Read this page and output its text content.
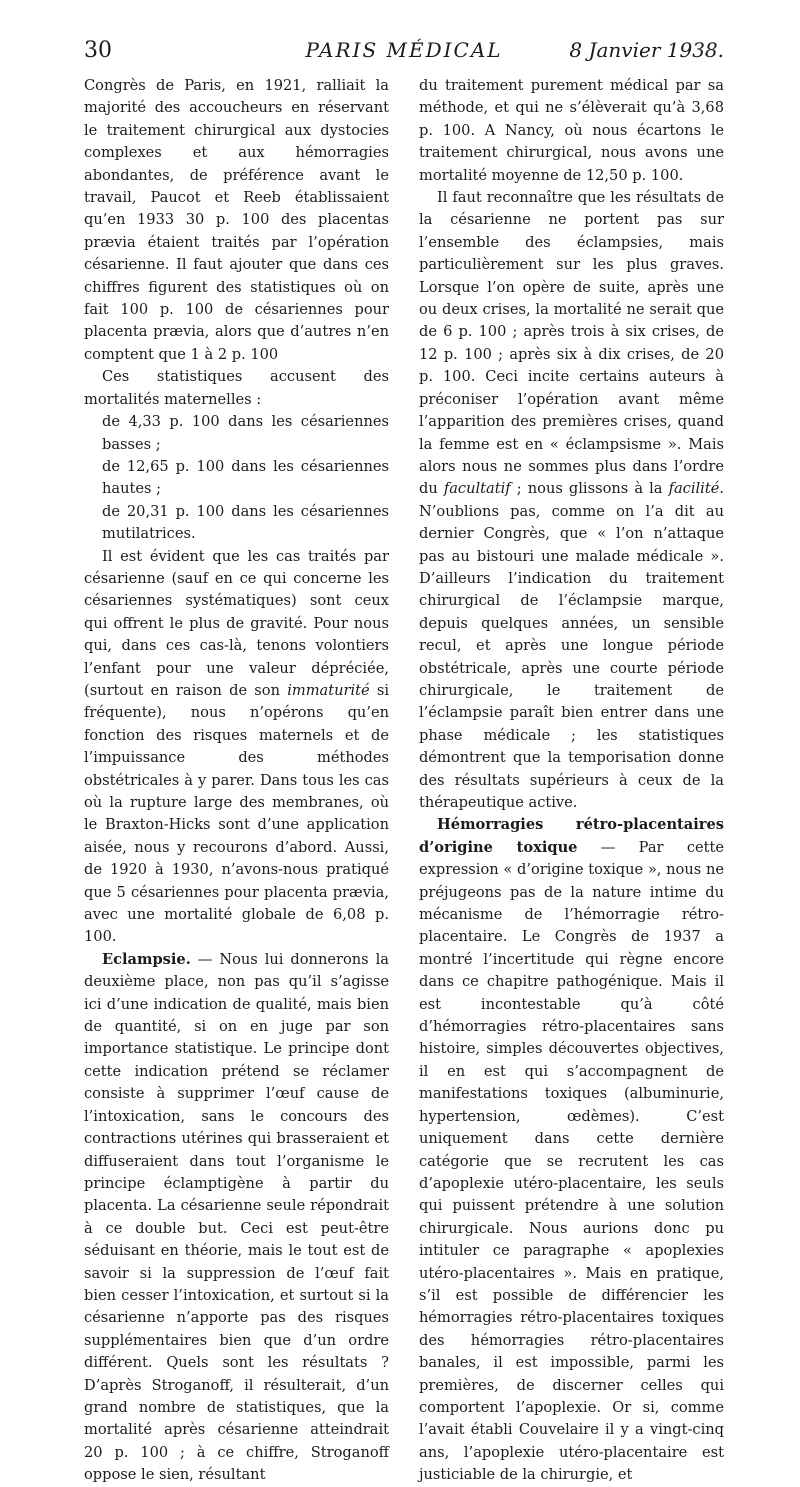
30	PARIS MÉDICAL	8 Janvier 1938.

Congrès de Paris, en 1921, ralliait la majorité des accoucheurs en réservant le traitement chirurgical aux dystocies complexes et aux hémorragies abondantes, de préférence avant le travail, Paucot et Reeb établissaient qu’en 1933 30 p. 100 des placentas prævia étaient traités par l’opération césarienne. Il faut ajouter que dans ces chiffres figurent des statistiques où on fait 100 p. 100 de césariennes pour placenta prævia, alors que d’autres n’en comptent que 1 à 2 p. 100

Ces statistiques accusent des mortalités maternelles :

de 4,33 p. 100 dans les césariennes basses ;

de 12,65 p. 100 dans les césariennes hautes ;

de 20,31 p. 100 dans les césariennes mutilatrices.

Il est évident que les cas traités par césarienne (sauf en ce qui concerne les césariennes systématiques) sont ceux qui offrent le plus de gravité. Pour nous qui, dans ces cas-là, tenons volontiers l’enfant pour une valeur dépréciée, (surtout en raison de son immaturité si fréquente), nous n’opérons qu’en fonction des risques maternels et de l’impuissance des méthodes obstétricales à y parer. Dans tous les cas où la rupture large des membranes, où le Braxton-Hicks sont d’une application aisée, nous y recourons d’abord. Aussi, de 1920 à 1930, n’avons-nous pratiqué que 5 césariennes pour placenta prævia, avec une mortalité globale de 6,08 p. 100.

Eclampsie. — Nous lui donnerons la deuxième place, non pas qu’il s’agisse ici d’une indication de qualité, mais bien de quantité, si on en juge par son importance statistique. Le principe dont cette indication prétend se réclamer consiste à supprimer l’œuf cause de l’intoxication, sans le concours des contractions utérines qui brasseraient et diffuseraient dans tout l’organisme le principe éclamptigène à partir du placenta. La césarienne seule répondrait à ce double but. Ceci est peut-être séduisant en théorie, mais le tout est de savoir si la suppression de l’œuf fait bien cesser l’intoxication, et surtout si la césarienne n’apporte pas des risques supplémentaires bien que d’un ordre différent. Quels sont les résultats ? D’après Stroganoff, il résulterait, d’un grand nombre de statistiques, que la mortalité après césarienne atteindrait 20 p. 100 ; à ce chiffre, Stroganoff oppose le sien, résultant

du traitement purement médical par sa méthode, et qui ne s’élèverait qu’à 3,68 p. 100. A Nancy, où nous écartons le traitement chirurgical, nous avons une mortalité moyenne de 12,50 p. 100.

Il faut reconnaître que les résultats de la césarienne ne portent pas sur l’ensemble des éclampsies, mais particulièrement sur les plus graves. Lorsque l’on opère de suite, après une ou deux crises, la mortalité ne serait que de 6 p. 100 ; après trois à six crises, de 12 p. 100 ; après six à dix crises, de 20 p. 100. Ceci incite certains auteurs à préconiser l’opération avant même l’apparition des premières crises, quand la femme est en « éclampsisme ». Mais alors nous ne sommes plus dans l’ordre du facultatif ; nous glissons à la facilité. N’oublions pas, comme on l’a dit au dernier Congrès, que « l’on n’attaque pas au bistouri une malade médicale ». D’ailleurs l’indication du traitement chirurgical de l’éclampsie marque, depuis quelques années, un sensible recul, et après une longue période obstétricale, après une courte période chirurgicale, le traitement de l’éclampsie paraît bien entrer dans une phase médicale ; les statistiques démontrent que la temporisation donne des résultats supérieurs à ceux de la thérapeutique active.

Hémorragies rétro-placentaires d’origine toxique — Par cette expression « d’origine toxique », nous ne préjugeons pas de la nature intime du mécanisme de l’hémorragie rétro-placentaire. Le Congrès de 1937 a montré l’incertitude qui règne encore dans ce chapitre pathogénique. Mais il est incontestable qu’à côté d’hémorragies rétro-placentaires sans histoire, simples découvertes objectives, il en est qui s’accompagnent de manifestations toxiques (albuminurie, hypertension, œdèmes). C’est uniquement dans cette dernière catégorie que se recrutent les cas d’apoplexie utéro-placentaire, les seuls qui puissent prétendre à une solution chirurgicale. Nous aurions donc pu intituler ce paragraphe « apoplexies utéro-placentaires ». Mais en pratique, s’il est possible de différencier les hémorragies rétro-placentaires toxiques des hémorragies rétro-placentaires banales, il est impossible, parmi les premières, de discerner celles qui comportent l’apoplexie. Or si, comme l’avait établi Couvelaire il y a vingt-cinq ans, l’apoplexie utéro-placentaire est justiciable de la chirurgie, et
